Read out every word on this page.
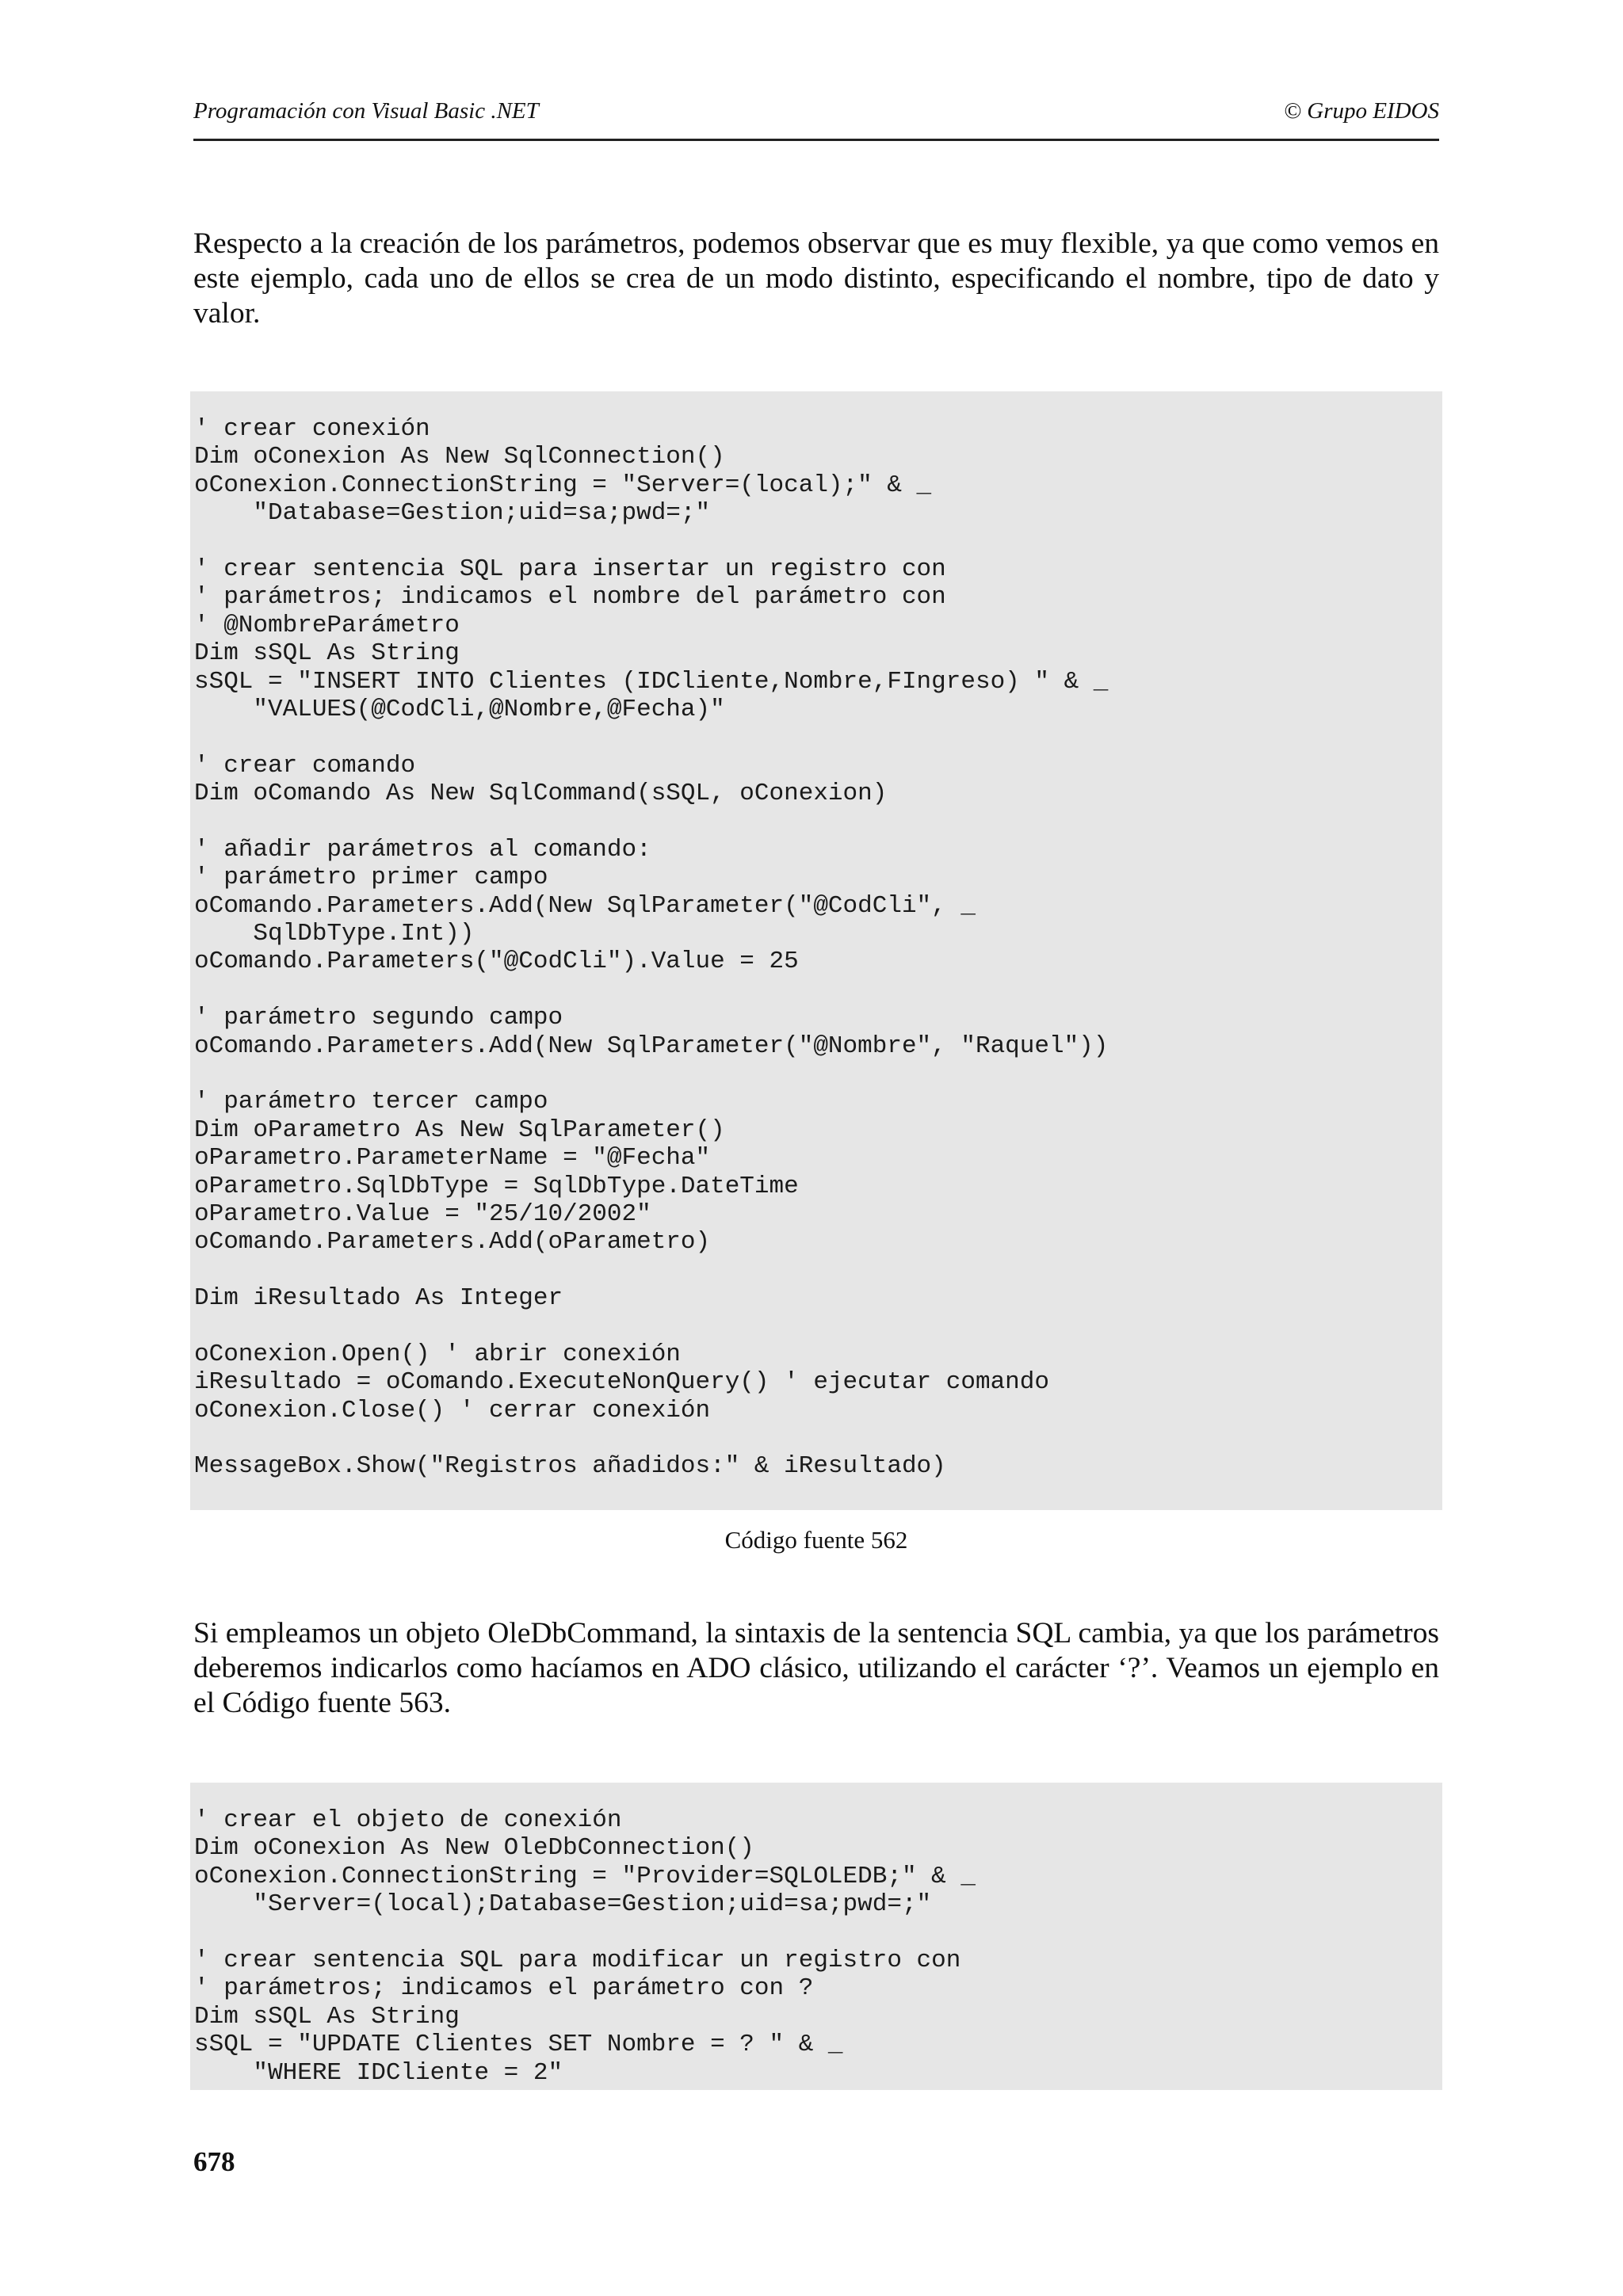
Programación con Visual Basic .NET	© Grupo EIDOS

Respecto a la creación de los parámetros, podemos observar que es muy flexible, ya que como vemos en este ejemplo, cada uno de ellos se crea de un modo distinto, especificando el nombre, tipo de dato y valor.

' crear conexión
Dim oConexion As New SqlConnection()
oConexion.ConnectionString = "Server=(local);" & _
"Database=Gestion;uid=sa;pwd=;"
' crear sentencia SQL para insertar un registro con
' parámetros; indicamos el nombre del parámetro con
' @NombreParámetro
Dim sSQL As String
sSQL = "INSERT INTO Clientes (IDCliente,Nombre,FIngreso) " & _
"VALUES(@CodCli,@Nombre,@Fecha)"
' crear comando
Dim oComando As New SqlCommand(sSQL, oConexion)
' añadir parámetros al comando:
' parámetro primer campo
oComando.Parameters.Add(New SqlParameter("@CodCli", _
SqlDbType.Int))
oComando.Parameters("@CodCli").Value = 25
' parámetro segundo campo
oComando.Parameters.Add(New SqlParameter("@Nombre", "Raquel"))
' parámetro tercer campo
Dim oParametro As New SqlParameter()
oParametro.ParameterName = "@Fecha"
oParametro.SqlDbType = SqlDbType.DateTime
oParametro.Value = "25/10/2002"
oComando.Parameters.Add(oParametro)
Dim iResultado As Integer
oConexion.Open() ' abrir conexión
iResultado = oComando.ExecuteNonQuery() ' ejecutar comando
oConexion.Close() ' cerrar conexión
MessageBox.Show("Registros añadidos:" & iResultado)
Código fuente 562

Si empleamos un objeto OleDbCommand, la sintaxis de la sentencia SQL cambia, ya que los parámetros deberemos indicarlos como hacíamos en ADO clásico, utilizando el carácter ‘?’. Veamos un ejemplo en el Código fuente 563.

' crear el objeto de conexión
Dim oConexion As New OleDbConnection()
oConexion.ConnectionString = "Provider=SQLOLEDB;" & _
"Server=(local);Database=Gestion;uid=sa;pwd=;"
' crear sentencia SQL para modificar un registro con
' parámetros; indicamos el parámetro con ?
Dim sSQL As String
sSQL = "UPDATE Clientes SET Nombre = ? " & _
"WHERE IDCliente = 2"
678
